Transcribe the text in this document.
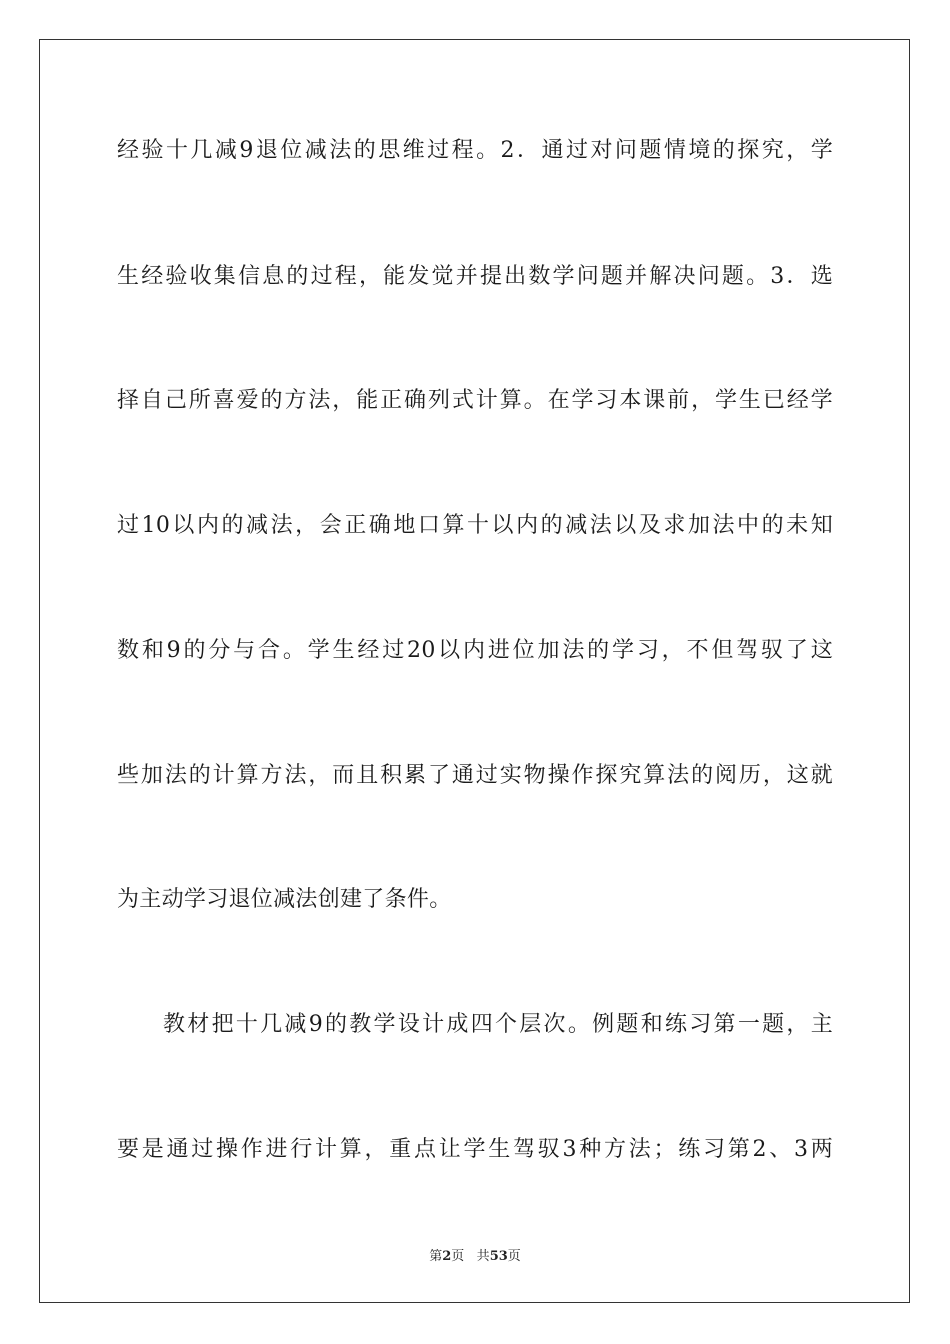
经验十几减9退位减法的思维过程。2．通过对问题情境的探究，学
生经验收集信息的过程，能发觉并提出数学问题并解决问题。3．选
择自己所喜爱的方法，能正确列式计算。在学习本课前，学生已经学
过10以内的减法，会正确地口算十以内的减法以及求加法中的未知
数和9的分与合。学生经过20以内进位加法的学习，不但驾驭了这
些加法的计算方法，而且积累了通过实物操作探究算法的阅历，这就
为主动学习退位减法创建了条件。
教材把十几减9的教学设计成四个层次。例题和练习第一题，主
要是通过操作进行计算，重点让学生驾驭3种方法；练习第2、3两
第2页 共53页
